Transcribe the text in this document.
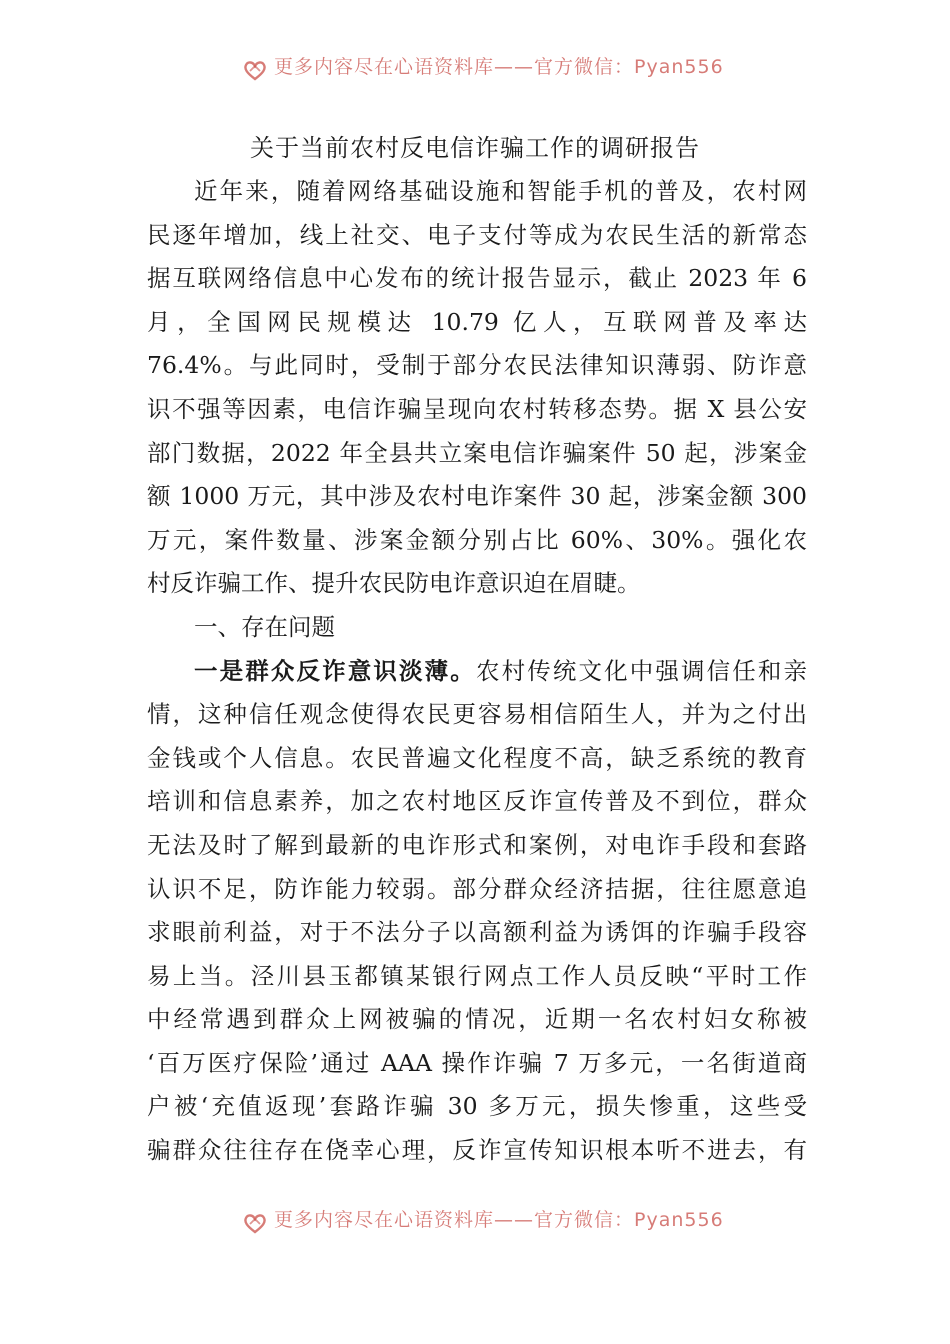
更多内容尽在心语资料库——官方微信：Pyan556
关于当前农村反电信诈骗工作的调研报告
近年来，随着网络基础设施和智能手机的普及，农村网
民逐年增加，线上社交、电子支付等成为农民生活的新常态
据互联网络信息中心发布的统计报告显示，截止 2023 年 6
月，全国网民规模达 10.79 亿人，互联网普及率达
76.4%。与此同时，受制于部分农民法律知识薄弱、防诈意
识不强等因素，电信诈骗呈现向农村转移态势。据 X 县公安
部门数据，2022 年全县共立案电信诈骗案件 50 起，涉案金
额 1000 万元，其中涉及农村电诈案件 30 起，涉案金额 300
万元，案件数量、涉案金额分别占比 60%、30%。强化农
村反诈骗工作、提升农民防电诈意识迫在眉睫。
一、存在问题
一是群众反诈意识淡薄。农村传统文化中强调信任和亲
情，这种信任观念使得农民更容易相信陌生人，并为之付出
金钱或个人信息。农民普遍文化程度不高，缺乏系统的教育
培训和信息素养，加之农村地区反诈宣传普及不到位，群众
无法及时了解到最新的电诈形式和案例，对电诈手段和套路
认识不足，防诈能力较弱。部分群众经济拮据，往往愿意追
求眼前利益，对于不法分子以高额利益为诱饵的诈骗手段容
易上当。泾川县玉都镇某银行网点工作人员反映“平时工作
中经常遇到群众上网被骗的情况，近期一名农村妇女称被
‘百万医疗保险’通过 AAA 操作诈骗 7 万多元，一名街道商
户被‘充值返现’套路诈骗 30 多万元，损失惨重，这些受
骗群众往往存在侥幸心理，反诈宣传知识根本听不进去，有
更多内容尽在心语资料库——官方微信：Pyan556
